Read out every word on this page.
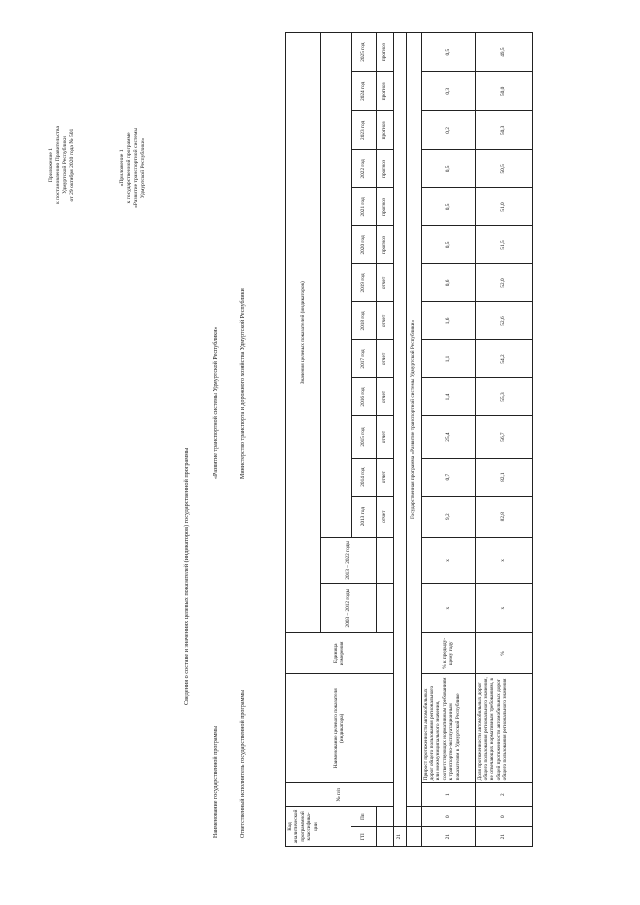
Приложение 1 к постановлению Правительства Удмуртской Республики от 29 октября 2020 года № 501	«Приложение 1 к государственной программе «Развитие транспортной системы Удмуртской Республики»
Сведения о составе и значениях целевых показателей (индикаторов) государственной программы
Наименование государственной программы
«Развитие транспортной системы Удмуртской Республики»
Ответственный исполнитель государственной программы
Министерство транспорта и дорожного хозяйства Удмуртской Республики
Код аналитической программной классифика-ции		№ п/п	Наименование целевого показателя (индикатора)	Единица измерения	Значения целевых показателей (индикаторов)														
					2003 – 2012 годы	2013 – 2022 годы													
ГП	Пп						2013 год	2014 год	2015 год	2016 год	2017 год	2018 год	2019 год	2020 год	2021 год	2022 год	2023 год	2024 год	2025 год
							отчет	отчет	отчет	отчет	отчет	отчет	отчет	прогноз	прогноз	прогноз	прогноз	прогноз	прогноз
21																			
		Государственная программа «Развитие транспортной системы Удмуртской Республики»																	
21	0	1	Прирост протяженности автомобильных дорог общего пользования регионального или межмуниципального значения, соответствующих нормативным требованиям к транспортно-эксплуатационным показателям в Удмуртской Республике	% к предыду-щему году	x	x	9,2	0,7	25,4	1,4	1,1	1,6	0,6	0,5	0,5	0,5	0,2	0,3	0,5
21	0	2	Доля протяженности автомобильных дорог общего пользования регионального значения, не отвечающих нормативным требованиям, в общей протяженности автомобильных дорог общего пользования регионального значения	%	x	x	82,8	82,1	56,7	55,3	54,2	52,6	52,0	51,5	51,0	50,5	50,3	50,0	49,5
